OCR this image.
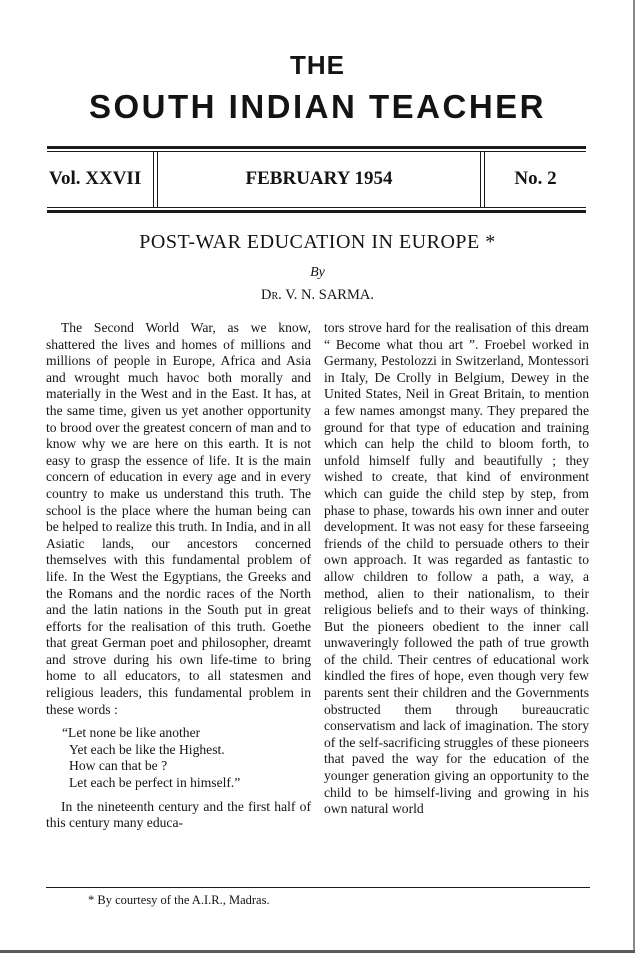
THE
SOUTH INDIAN TEACHER
Vol. XXVII	FEBRUARY 1954	No. 2
POST-WAR EDUCATION IN EUROPE *
By
Dr. V. N. SARMA.

The Second World War, as we know, shattered the lives and homes of millions and millions of people in Europe, Africa and Asia and wrought much havoc both morally and materially in the West and in the East. It has, at the same time, given us yet another opportunity to brood over the greatest concern of man and to know why we are here on this earth. It is not easy to grasp the essence of life. It is the main concern of education in every age and in every country to make us understand this truth. The school is the place where the human being can be helped to realize this truth. In India, and in all Asiatic lands, our ancestors concerned themselves with this fundamental problem of life. In the West the Egyptians, the Greeks and the Romans and the nordic races of the North and the latin nations in the South put in great efforts for the realisation of this truth. Goethe that great German poet and philosopher, dreamt and strove during his own life-time to bring home to all educators, to all statesmen and religious leaders, this fundamental problem in these words :

“Let none be like another
Yet each be like the Highest.
How can that be ?
Let each be perfect in himself.”

In the nineteenth century and the first half of this century many educa-

tors strove hard for the realisation of this dream “ Become what thou art ”. Froebel worked in Germany, Pestolozzi in Switzerland, Montessori in Italy, De Crolly in Belgium, Dewey in the United States, Neil in Great Britain, to mention a few names amongst many. They prepared the ground for that type of education and training which can help the child to bloom forth, to unfold himself fully and beautifully ; they wished to create, that kind of environment which can guide the child step by step, from phase to phase, towards his own inner and outer development. It was not easy for these farseeing friends of the child to persuade others to their own approach. It was regarded as fantastic to allow children to follow a path, a way, a method, alien to their nationalism, to their religious beliefs and to their ways of thinking. But the pioneers obedient to the inner call unwaveringly followed the path of true growth of the child. Their centres of educational work kindled the fires of hope, even though very few parents sent their children and the Governments obstructed them through bureaucratic conservatism and lack of imagination. The story of the self-sacrificing struggles of these pioneers that paved the way for the education of the younger generation giving an opportunity to the child to be himself-living and growing in his own natural world

* By courtesy of the A.I.R., Madras.
